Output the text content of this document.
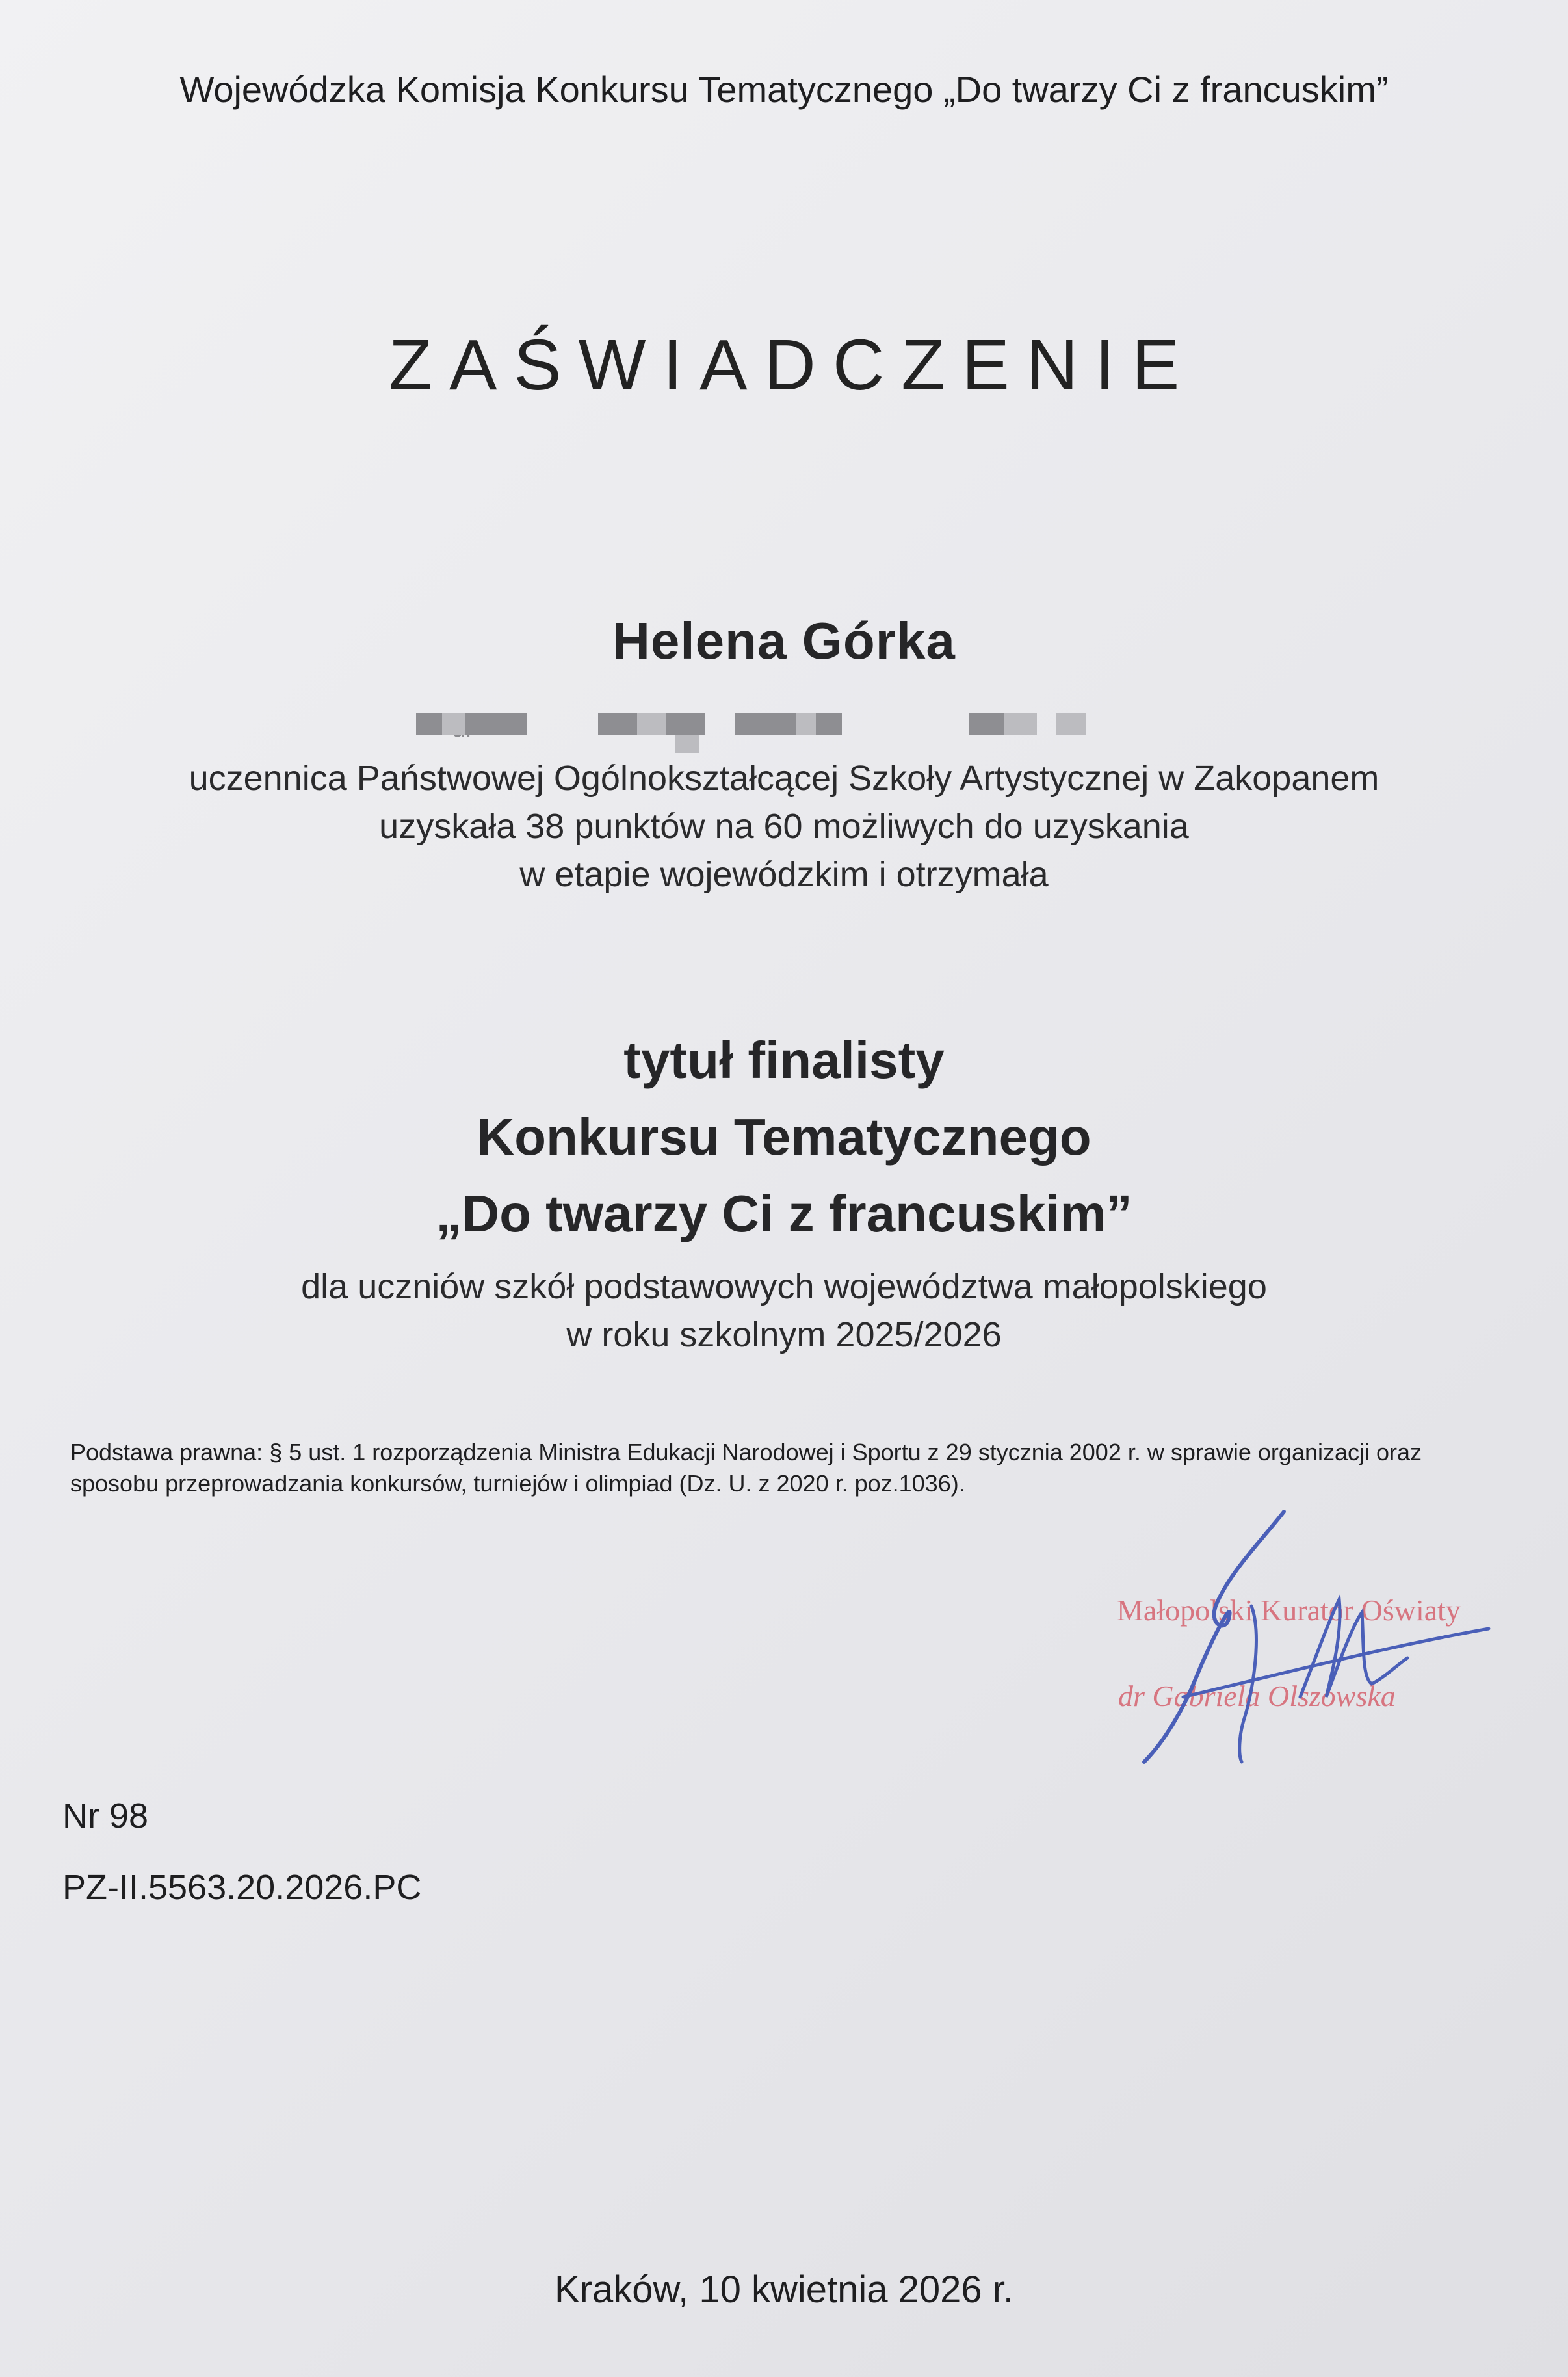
Wojewódzka Komisja Konkursu Tematycznego „Do twarzy Ci z francuskim”
ZAŚWIADCZENIE
Helena Górka
uczennica Państwowej Ogólnokształcącej Szkoły Artystycznej w Zakopanem
uzyskała 38 punktów na 60 możliwych do uzyskania
w etapie wojewódzkim i otrzymała
tytuł finalisty
Konkursu Tematycznego
„Do twarzy Ci z francuskim”
dla uczniów szkół podstawowych województwa małopolskiego
w roku szkolnym 2025/2026
Podstawa prawna: § 5 ust. 1 rozporządzenia Ministra Edukacji Narodowej i Sportu z 29 stycznia 2002 r. w sprawie organizacji oraz sposobu przeprowadzania konkursów, turniejów i olimpiad (Dz. U. z 2020 r. poz.1036).
Małopolski Kurator Oświaty
dr Gabriela Olszowska
Nr 98
PZ-II.5563.20.2026.PC
Kraków, 10 kwietnia 2026 r.
